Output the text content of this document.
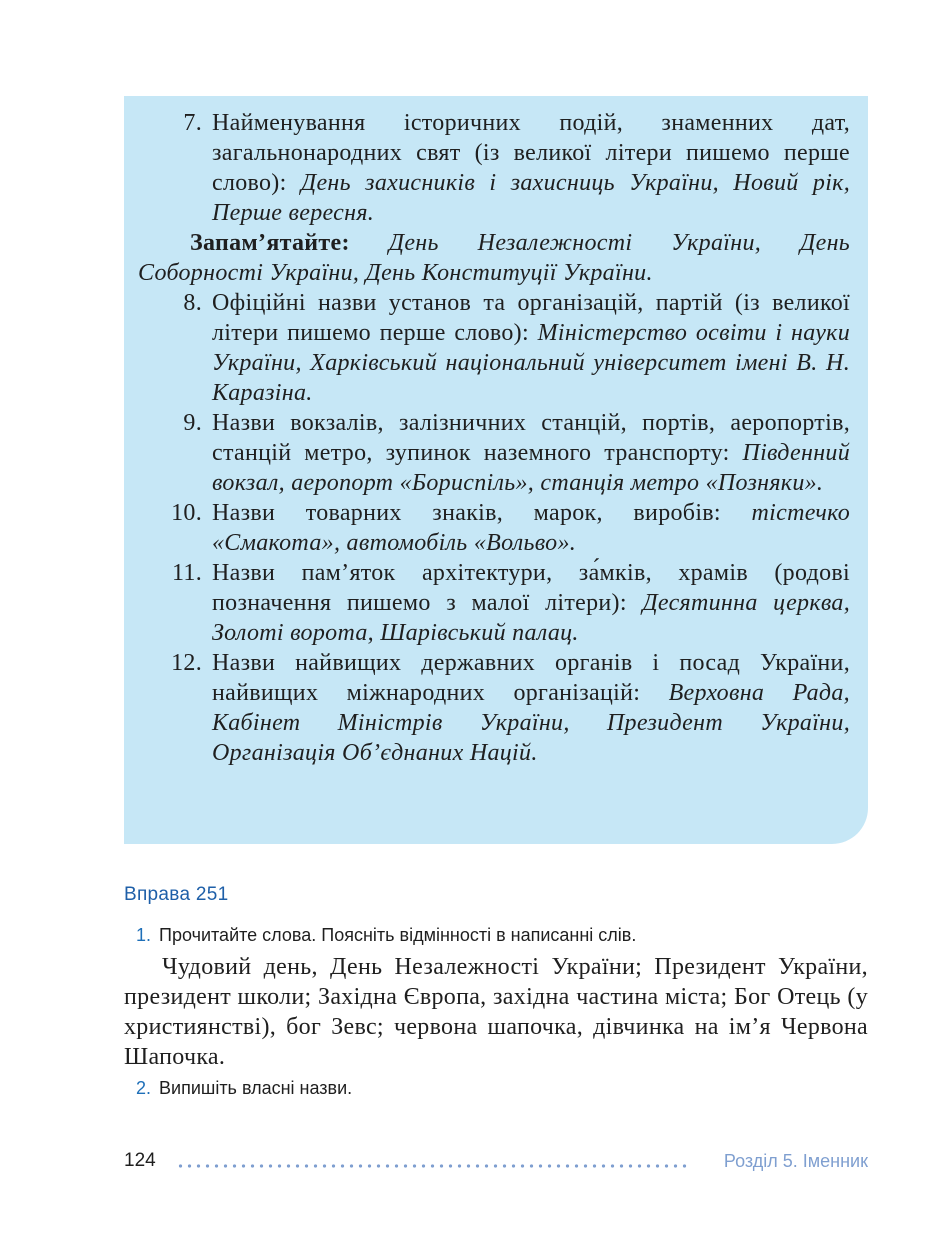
7. Найменування історичних подій, знаменних дат, загальнонародних свят (із великої літери пишемо перше слово): День захисників і захисниць України, Новий рік, Перше вересня.

Запам’ятайте: День Незалежності України, День Соборності України, День Конституції України.

8. Офіційні назви установ та організацій, партій (із великої літери пишемо перше слово): Міністерство освіти і науки України, Харківський національний університет імені В. Н. Каразіна.
9. Назви вокзалів, залізничних станцій, портів, аеропортів, станцій метро, зупинок наземного транспорту: Південний вокзал, аеропорт «Бориспіль», станція метро «Позняки».
10. Назви товарних знаків, марок, виробів: тістечко «Смакота», автомобіль «Вольво».
11. Назви пам’яток архітектури, за́мків, храмів (родові позначення пишемо з малої літери): Десятинна церква, Золоті ворота, Шарівський палац.
12. Назви найвищих державних органів і посад України, найвищих міжнародних організацій: Верховна Рада, Кабінет Міністрів України, Президент України, Організація Об’єднаних Націй.
Вправа 251
1. Прочитайте слова. Поясніть відмінності в написанні слів.

Чудовий день, День Незалежності України; Президент України, президент школи; Західна Європа, західна частина міста; Бог Отець (у християнстві), бог Зевс; червона шапочка, дівчинка на ім’я Червона Шапочка.

2. Випишіть власні назви.
124	Розділ 5. Іменник
